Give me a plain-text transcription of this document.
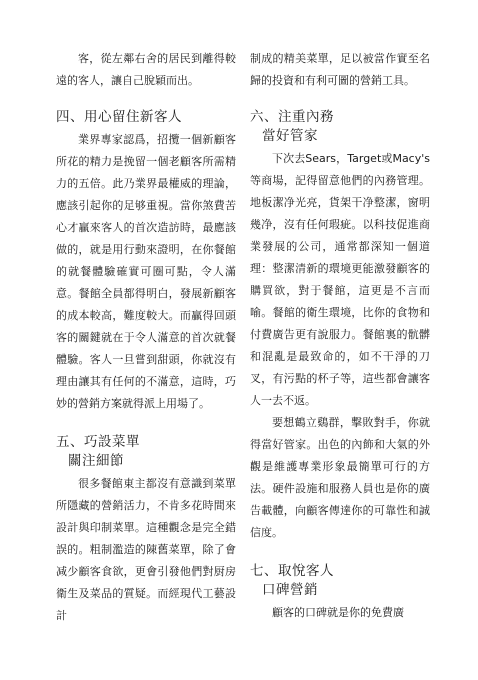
客，從左鄰右舍的居民到離得較遠的客人，讓自己脫穎而出。

四、用心留住新客人

業界專家認爲，招攬一個新顧客所花的精力是挽留一個老顧客所需精力的五倍。此乃業界最權威的理論，應該引起你的足够重視。當你煞費苦心才贏來客人的首次造訪時，最應該做的，就是用行動來證明，在你餐館的就餐體驗確實可圈可點，令人滿意。餐館全員都得明白，發展新顧客的成本較高，難度較大。而贏得回頭客的關鍵就在于令人滿意的首次就餐體驗。客人一旦嘗到甜頭，你就沒有理由讓其有任何的不滿意，這時，巧妙的營銷方案就得派上用場了。

五、巧設菜單
關注細節

很多餐館東主都沒有意識到菜單所隱藏的營銷活力，不肯多花時間來設計與印制菜單。這種觀念是完全錯誤的。粗制濫造的陳舊菜單，除了會减少顧客食欲，更會引發他們對厨房衛生及菜品的質疑。而經現代工藝設計

制成的精美菜單，足以被當作實至名歸的投資和有利可圖的營銷工具。

六、注重內務
當好管家

下次去Sears，Target或Macy's等商場，記得留意他們的內務管理。地板潔净光亮，貨架干净整潔，窗明幾净，沒有任何瑕疵。以科技促進商業發展的公司，通常都深知一個道理：整潔清新的環境更能激發顧客的購買欲，對于餐館，這更是不言而喻。餐館的衛生環境，比你的食物和付費廣告更有說服力。餐館裏的骯髒和混亂是最致命的，如不干淨的刀叉，有污點的杯子等，這些都會讓客人一去不返。

要想鶴立鷄群，擊敗對手，你就得當好管家。出色的內飾和大氣的外觀是維護專業形象最簡單可行的方法。硬件設施和服務人員也是你的廣告載體，向顧客傳達你的可靠性和誠信度。

七、取悅客人
口碑營銷

顧客的口碑就是你的免費廣
